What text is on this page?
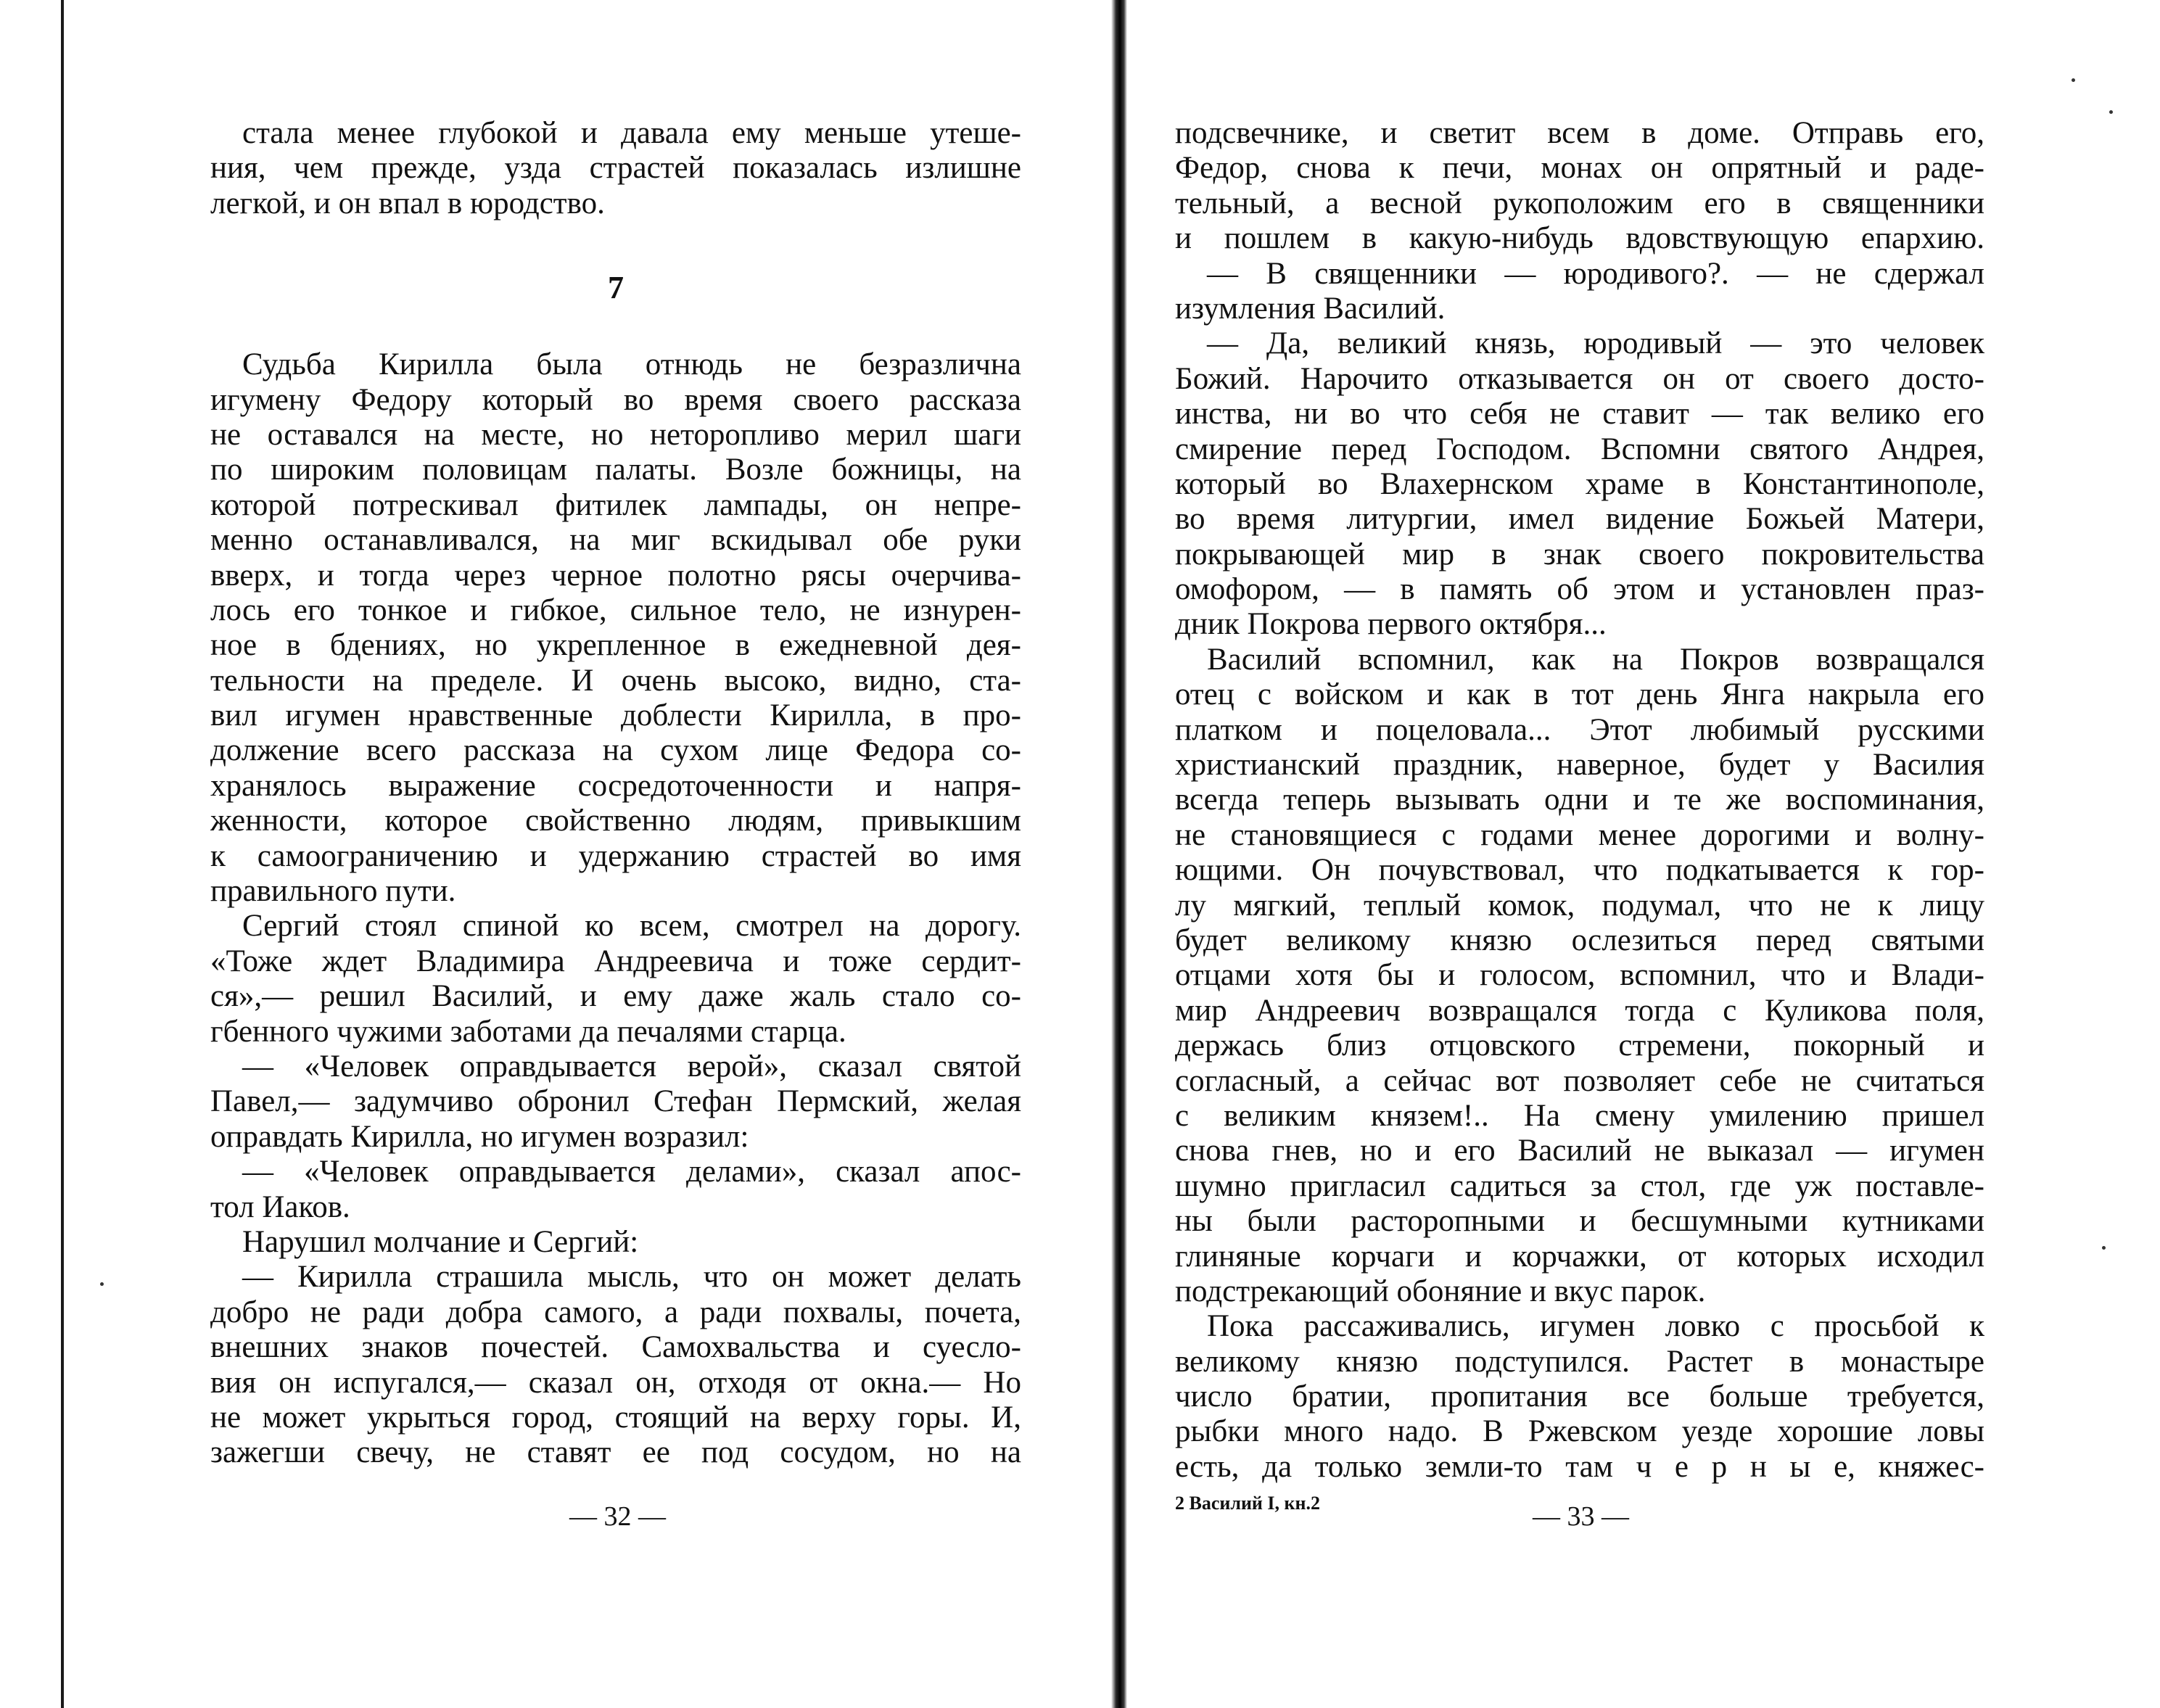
стала менее глубокой и давала ему меньше утеше-
ния, чем прежде, узда страстей показалась излишне
легкой, и он впал в юродство.
7
Судьба Кирилла была отнюдь не безразлична
игумену Федору который во время своего рассказа
не оставался на месте, но неторопливо мерил шаги
по широким половицам палаты. Возле божницы, на
которой потрескивал фитилек лампады, он непре-
менно останавливался, на миг вскидывал обе руки
вверх, и тогда через черное полотно рясы очерчива-
лось его тонкое и гибкое, сильное тело, не изнурен-
ное в бдениях, но укрепленное в ежедневной дея-
тельности на пределе. И очень высоко, видно, ста-
вил игумен нравственные доблести Кирилла, в про-
должение всего рассказа на сухом лице Федора со-
хранялось выражение сосредоточенности и напря-
женности, которое свойственно людям, привыкшим
к самоограничению и удержанию страстей во имя
правильного пути.
Сергий стоял спиной ко всем, смотрел на дорогу.
«Тоже ждет Владимира Андреевича и тоже сердит-
ся»,— решил Василий, и ему даже жаль стало со-
гбенного чужими заботами да печалями старца.
— «Человек оправдывается верой», сказал святой
Павел,— задумчиво обронил Стефан Пермский, желая
оправдать Кирилла, но игумен возразил:
— «Человек оправдывается делами», сказал апос-
тол Иаков.
Нарушил молчание и Сергий:
— Кирилла страшила мысль, что он может делать
добро не ради добра самого, а ради похвалы, почета,
внешних знаков почестей. Самохвальства и суесло-
вия он испугался,— сказал он, отходя от окна.— Но
не может укрыться город, стоящий на верху горы. И,
зажегши свечу, не ставят ее под сосудом, но на
— 32 —
подсвечнике, и светит всем в доме. Отправь его,
Федор, снова к печи, монах он опрятный и раде-
тельный, а весной рукоположим его в священники
и пошлем в какую-нибудь вдовствующую епархию.
— В священники — юродивого?. — не сдержал
изумления Василий.
— Да, великий князь, юродивый — это человек
Божий. Нарочито отказывается он от своего досто-
инства, ни во что себя не ставит — так велико его
смирение перед Господом. Вспомни святого Андрея,
который во Влахернском храме в Константинополе,
во время литургии, имел видение Божьей Матери,
покрывающей мир в знак своего покровительства
омофором, — в память об этом и установлен праз-
дник Покрова первого октября...
Василий вспомнил, как на Покров возвращался
отец с войском и как в тот день Янга накрыла его
платком и поцеловала... Этот любимый русскими
христианский праздник, наверное, будет у Василия
всегда теперь вызывать одни и те же воспоминания,
не становящиеся с годами менее дорогими и волну-
ющими. Он почувствовал, что подкатывается к гор-
лу мягкий, теплый комок, подумал, что не к лицу
будет великому князю ослезиться перед святыми
отцами хотя бы и голосом, вспомнил, что и Влади-
мир Андреевич возвращался тогда с Куликова поля,
держась близ отцовского стремени, покорный и
согласный, а сейчас вот позволяет себе не считаться
с великим князем!.. На смену умилению пришел
снова гнев, но и его Василий не выказал — игумен
шумно пригласил садиться за стол, где уж поставле-
ны были расторопными и бесшумными кутниками
глиняные корчаги и корчажки, от которых исходил
подстрекающий обоняние и вкус парок.
Пока рассаживались, игумен ловко с просьбой к
великому князю подступился. Растет в монастыре
число братии, пропитания все больше требуется,
рыбки много надо. В Ржевском уезде хорошие ловы
есть, да только земли-то там ч е р н ы е, княжес-
2 Василий I, кн.2	— 33 —
